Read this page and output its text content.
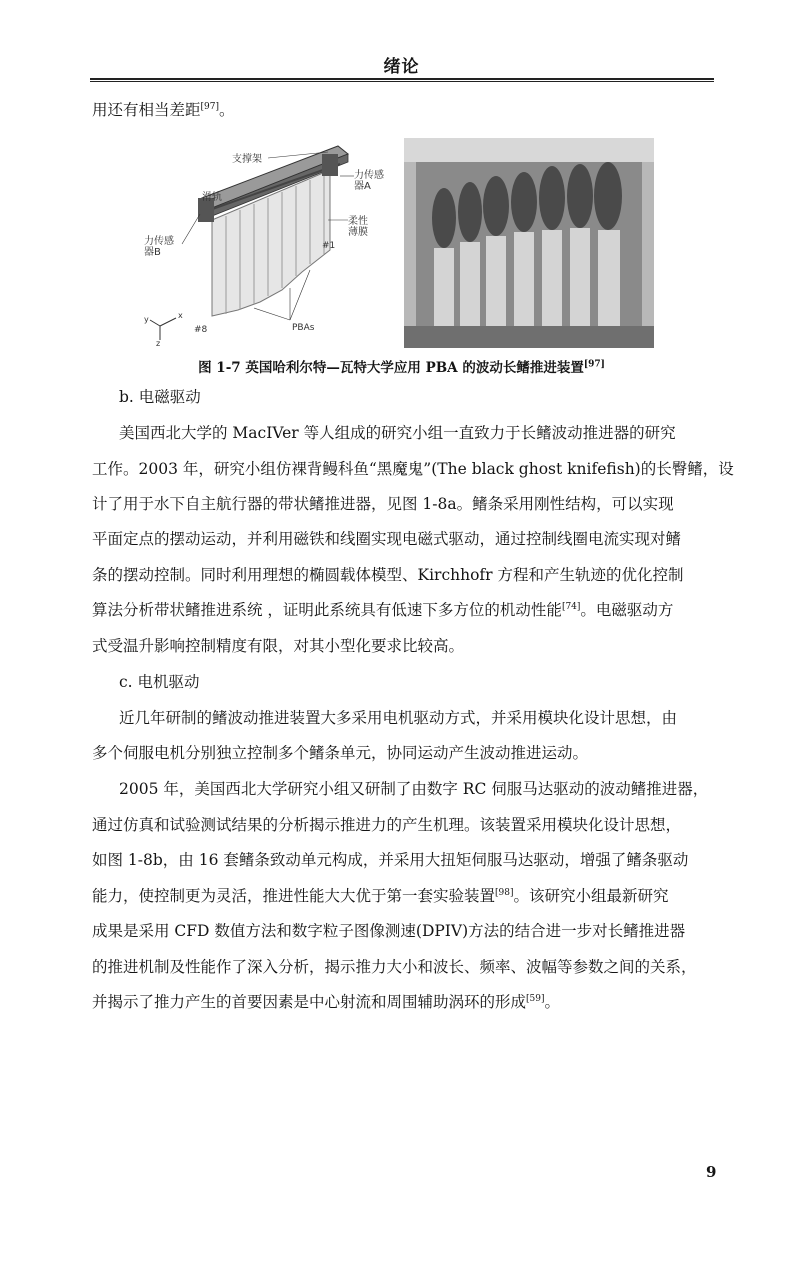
绪论
用还有相当差距[97]。
支撑架
力传感器A
滑轨
柔性薄膜
力传感器B
PBAs
#1
#8
x
y
z
图 1-7 英国哈利尔特—瓦特大学应用 PBA 的波动长鳍推进装置[97]
b. 电磁驱动
美国西北大学的 MacIVer 等人组成的研究小组一直致力于长鳍波动推进器的研究
工作。2003 年，研究小组仿裸背鳗科鱼“黑魔鬼”(The black ghost knifefish)的长臀鳍，设
计了用于水下自主航行器的带状鳍推进器，见图 1-8a。鳍条采用刚性结构，可以实现
平面定点的摆动运动，并利用磁铁和线圈实现电磁式驱动，通过控制线圈电流实现对鳍
条的摆动控制。同时利用理想的椭圆载体模型、Kirchhofr 方程和产生轨迹的优化控制
算法分析带状鳍推进系统 ，证明此系统具有低速下多方位的机动性能[74]。电磁驱动方
式受温升影响控制精度有限，对其小型化要求比较高。
c. 电机驱动
近几年研制的鳍波动推进装置大多采用电机驱动方式，并采用模块化设计思想，由
多个伺服电机分别独立控制多个鳍条单元，协同运动产生波动推进运动。
2005 年，美国西北大学研究小组又研制了由数字 RC 伺服马达驱动的波动鳍推进器，
通过仿真和试验测试结果的分析揭示推进力的产生机理。该装置采用模块化设计思想，
如图 1-8b，由 16 套鳍条致动单元构成，并采用大扭矩伺服马达驱动，增强了鳍条驱动
能力，使控制更为灵活，推进性能大大优于第一套实验装置[98]。该研究小组最新研究
成果是采用 CFD 数值方法和数字粒子图像测速(DPIV)方法的结合进一步对长鳍推进器
的推进机制及性能作了深入分析，揭示推力大小和波长、频率、波幅等参数之间的关系，
并揭示了推力产生的首要因素是中心射流和周围辅助涡环的形成[59]。
9
